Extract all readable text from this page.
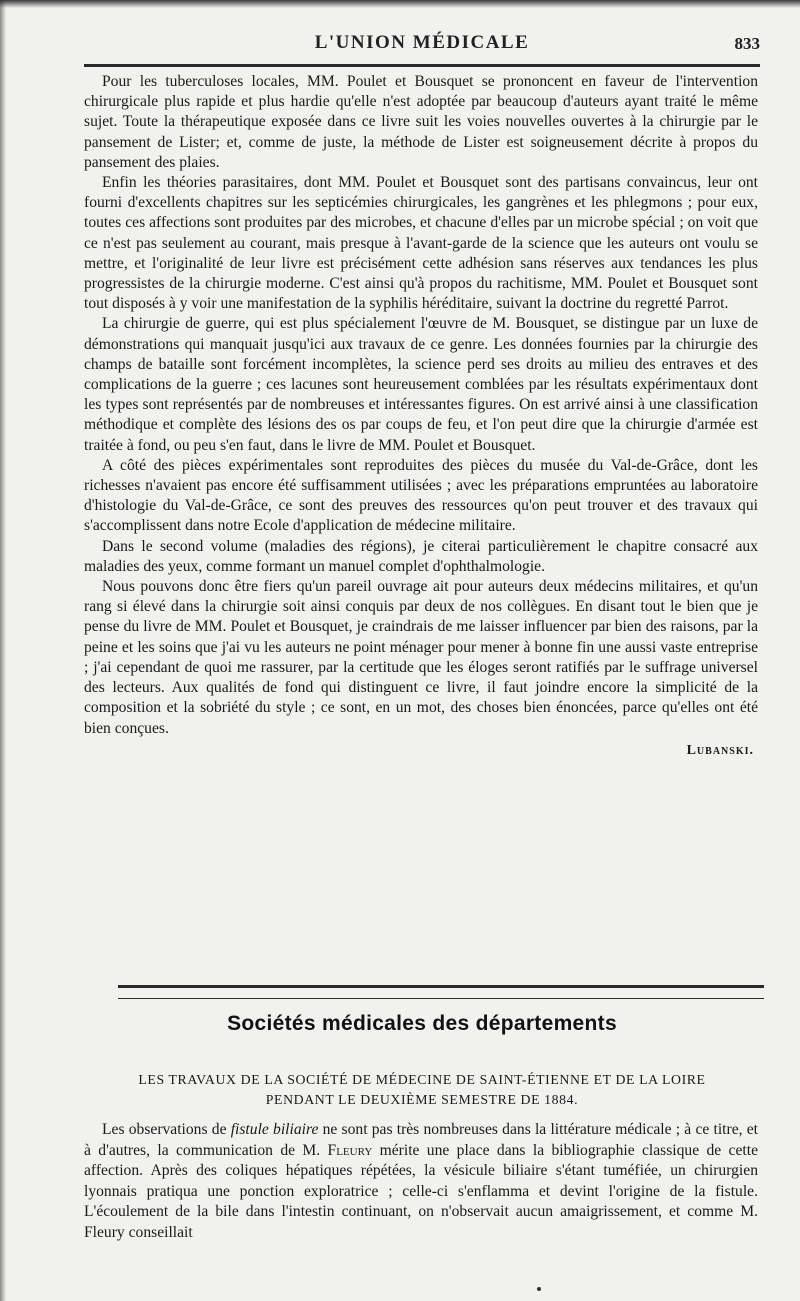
L'UNION MÉDICALE	833

Pour les tuberculoses locales, MM. Poulet et Bousquet se prononcent en faveur de l'intervention chirurgicale plus rapide et plus hardie qu'elle n'est adoptée par beaucoup d'auteurs ayant traité le même sujet. Toute la thérapeutique exposée dans ce livre suit les voies nouvelles ouvertes à la chirurgie par le pansement de Lister; et, comme de juste, la méthode de Lister est soigneusement décrite à propos du pansement des plaies.

Enfin les théories parasitaires, dont MM. Poulet et Bousquet sont des partisans convaincus, leur ont fourni d'excellents chapitres sur les septicémies chirurgicales, les gangrènes et les phlegmons ; pour eux, toutes ces affections sont produites par des microbes, et chacune d'elles par un microbe spécial ; on voit que ce n'est pas seulement au courant, mais presque à l'avant-garde de la science que les auteurs ont voulu se mettre, et l'originalité de leur livre est précisément cette adhésion sans réserves aux tendances les plus progressistes de la chirurgie moderne. C'est ainsi qu'à propos du rachitisme, MM. Poulet et Bousquet sont tout disposés à y voir une manifestation de la syphilis héréditaire, suivant la doctrine du regretté Parrot.

La chirurgie de guerre, qui est plus spécialement l'œuvre de M. Bousquet, se distingue par un luxe de démonstrations qui manquait jusqu'ici aux travaux de ce genre. Les données fournies par la chirurgie des champs de bataille sont forcément incomplètes, la science perd ses droits au milieu des entraves et des complications de la guerre ; ces lacunes sont heureusement comblées par les résultats expérimentaux dont les types sont représentés par de nombreuses et intéressantes figures. On est arrivé ainsi à une classification méthodique et complète des lésions des os par coups de feu, et l'on peut dire que la chirurgie d'armée est traitée à fond, ou peu s'en faut, dans le livre de MM. Poulet et Bousquet.

A côté des pièces expérimentales sont reproduites des pièces du musée du Val-de-Grâce, dont les richesses n'avaient pas encore été suffisamment utilisées ; avec les préparations empruntées au laboratoire d'histologie du Val-de-Grâce, ce sont des preuves des ressources qu'on peut trouver et des travaux qui s'accomplissent dans notre Ecole d'application de médecine militaire.

Dans le second volume (maladies des régions), je citerai particulièrement le chapitre consacré aux maladies des yeux, comme formant un manuel complet d'ophthalmologie.

Nous pouvons donc être fiers qu'un pareil ouvrage ait pour auteurs deux médecins militaires, et qu'un rang si élevé dans la chirurgie soit ainsi conquis par deux de nos collègues. En disant tout le bien que je pense du livre de MM. Poulet et Bousquet, je craindrais de me laisser influencer par bien des raisons, par la peine et les soins que j'ai vu les auteurs ne point ménager pour mener à bonne fin une aussi vaste entreprise ; j'ai cependant de quoi me rassurer, par la certitude que les éloges seront ratifiés par le suffrage universel des lecteurs. Aux qualités de fond qui distinguent ce livre, il faut joindre encore la simplicité de la composition et la sobriété du style ; ce sont, en un mot, des choses bien énoncées, parce qu'elles ont été bien conçues.

Lubanski.
Sociétés médicales des départements
LES TRAVAUX DE LA SOCIÉTÉ DE MÉDECINE DE SAINT-ÉTIENNE ET DE LA LOIRE
PENDANT LE DEUXIÈME SEMESTRE DE 1884.

Les observations de fistule biliaire ne sont pas très nombreuses dans la littérature médicale ; à ce titre, et à d'autres, la communication de M. Fleury mérite une place dans la bibliographie classique de cette affection. Après des coliques hépatiques répétées, la vésicule biliaire s'étant tuméfiée, un chirurgien lyonnais pratiqua une ponction exploratrice ; celle-ci s'enflamma et devint l'origine de la fistule. L'écoulement de la bile dans l'intestin continuant, on n'observait aucun amaigrissement, et comme M. Fleury conseillait
